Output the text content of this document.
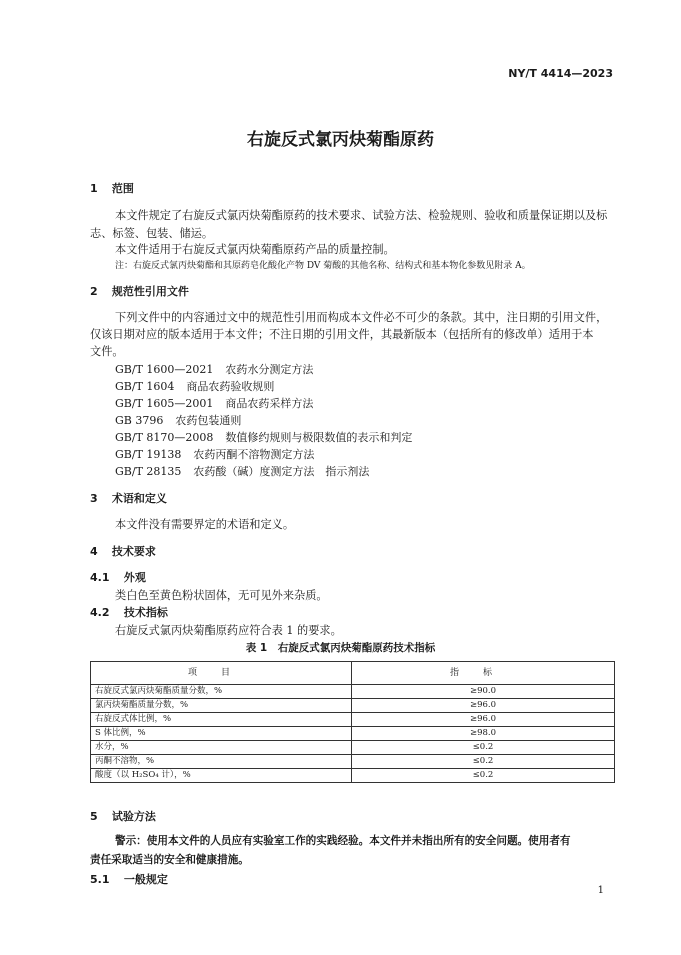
NY/T 4414—2023
右旋反式氯丙炔菊酯原药
1 范围
本文件规定了右旋反式氯丙炔菊酯原药的技术要求、试验方法、检验规则、验收和质量保证期以及标
志、标签、包装、储运。
本文件适用于右旋反式氯丙炔菊酯原药产品的质量控制。
注：右旋反式氯丙炔菊酯和其原药皂化酸化产物 DV 菊酸的其他名称、结构式和基本物化参数见附录 A。
2 规范性引用文件
下列文件中的内容通过文中的规范性引用而构成本文件必不可少的条款。其中，注日期的引用文件，
仅该日期对应的版本适用于本文件；不注日期的引用文件，其最新版本（包括所有的修改单）适用于本
文件。
GB/T 1600—2021 农药水分测定方法
GB/T 1604 商品农药验收规则
GB/T 1605—2001 商品农药采样方法
GB 3796 农药包装通则
GB/T 8170—2008 数值修约规则与极限数值的表示和判定
GB/T 19138 农药丙酮不溶物测定方法
GB/T 28135 农药酸（碱）度测定方法　指示剂法
3 术语和定义
本文件没有需要界定的术语和定义。
4 技术要求
4.1 外观
类白色至黄色粉状固体，无可见外来杂质。
4.2 技术指标
右旋反式氯丙炔菊酯原药应符合表 1 的要求。
表 1　右旋反式氯丙炔菊酯原药技术指标
项目	指标
右旋反式氯丙炔菊酯质量分数，%	≥90.0
氯丙炔菊酯质量分数，%	≥96.0
右旋反式体比例，%	≥96.0
S 体比例，%	≥98.0
水分，%	≤0.2
丙酮不溶物，%	≤0.2
酸度（以 H₂SO₄ 计），%	≤0.2
5 试验方法
警示：使用本文件的人员应有实验室工作的实践经验。本文件并未指出所有的安全问题。使用者有
责任采取适当的安全和健康措施。
5.1 一般规定
1
